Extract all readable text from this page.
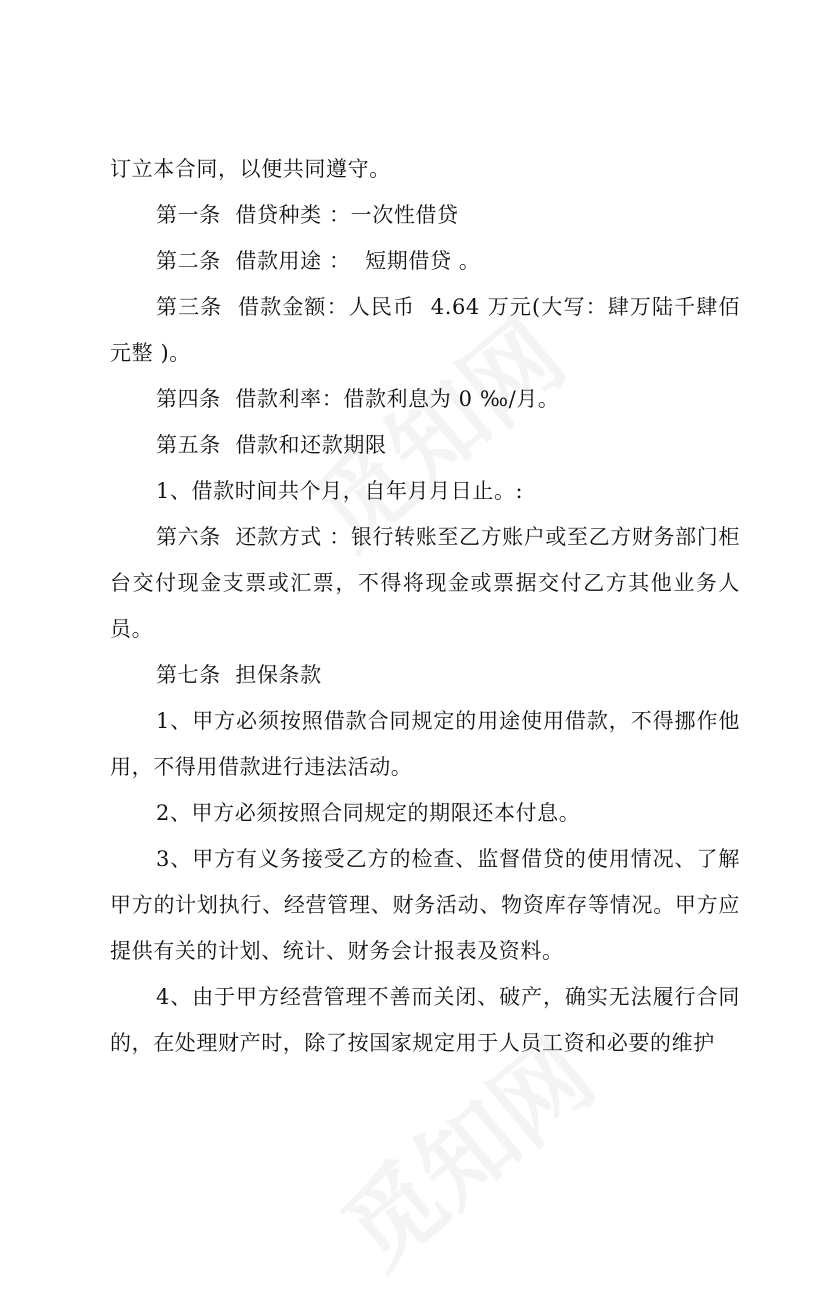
订立本合同，以便共同遵守。

第一条  借贷种类 ：一次性借贷

第二条  借款用途 ：  短期借贷 。

第三条  借款金额：人民币  4.64 万元(大写：肆万陆千肆佰元整 )。

第四条  借款利率：借款利息为 0 ‰/月。

第五条  借款和还款期限

1、借款时间共个月，自年月月日止。:

第六条  还款方式 ：银行转账至乙方账户或至乙方财务部门柜台交付现金支票或汇票，不得将现金或票据交付乙方其他业务人员。

第七条  担保条款

1、甲方必须按照借款合同规定的用途使用借款，不得挪作他用，不得用借款进行违法活动。

2、甲方必须按照合同规定的期限还本付息。

3、甲方有义务接受乙方的检查、监督借贷的使用情况、了解甲方的计划执行、经营管理、财务活动、物资库存等情况。甲方应提供有关的计划、统计、财务会计报表及资料。

4、由于甲方经营管理不善而关闭、破产，确实无法履行合同的，在处理财产时，除了按国家规定用于人员工资和必要的维护
